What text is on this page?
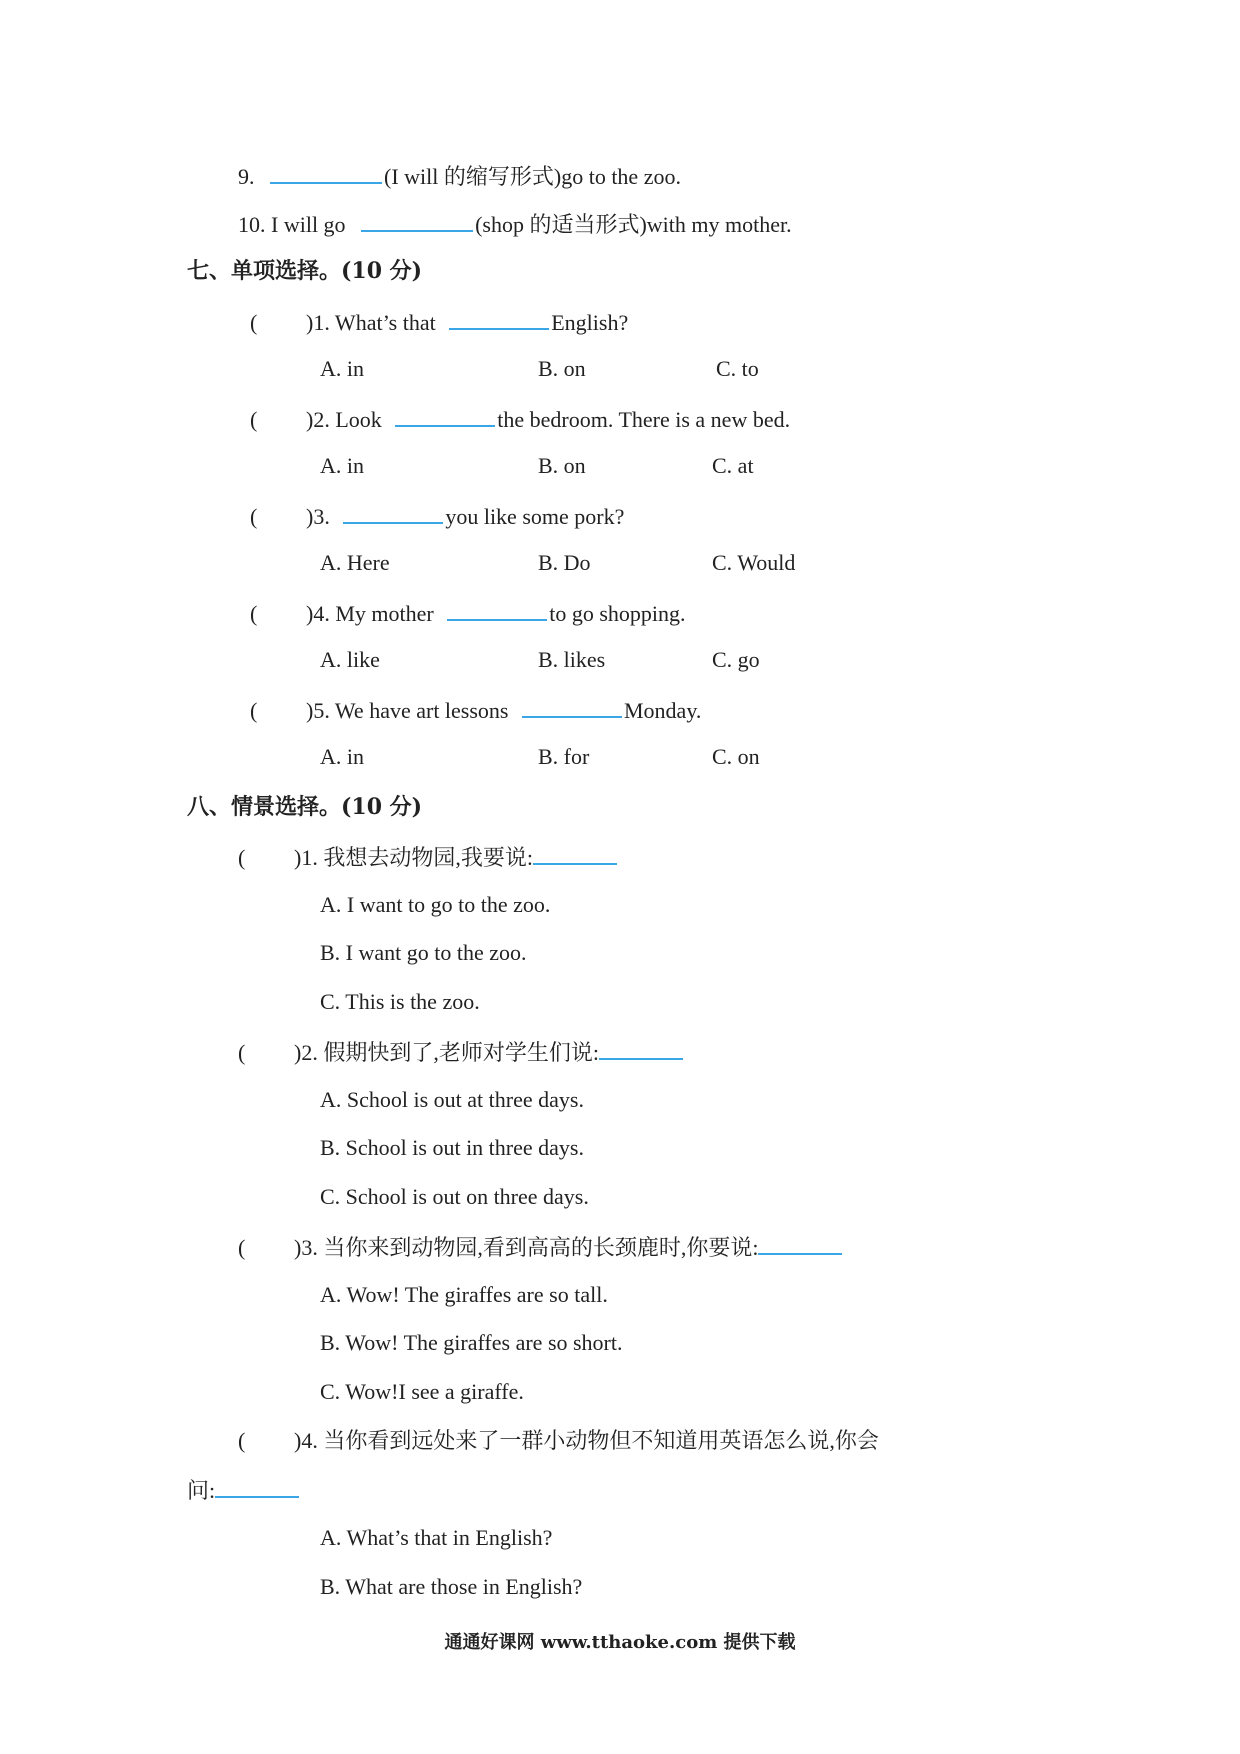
9.	(I will 的缩写形式)go to the zoo.
10. I will go	(shop 的适当形式)with my mother.
七、单项选择。(10 分)
( )1. What’s that	English?
A. in	B. on	C. to
( )2. Look	the bedroom. There is a new bed.
A. in	B. on	C. at
( )3.	you like some pork?
A. Here	B. Do	C. Would
( )4. My mother	to go shopping.
A. like	B. likes	C. go
( )5. We have art lessons	Monday.
A. in	B. for	C. on
八、情景选择。(10 分)
( )1. 我想去动物园,我要说:
A. I want to go to the zoo.
B. I want go to the zoo.
C. This is the zoo.
( )2. 假期快到了,老师对学生们说:
A. School is out at three days.
B. School is out in three days.
C. School is out on three days.
( )3. 当你来到动物园,看到高高的长颈鹿时,你要说:
A. Wow! The giraffes are so tall.
B. Wow! The giraffes are so short.
C. Wow!I see a giraffe.
( )4. 当你看到远处来了一群小动物但不知道用英语怎么说,你会
问:
A. What’s that in English?
B. What are those in English?
通通好课网 www.tthaoke.com 提供下载
